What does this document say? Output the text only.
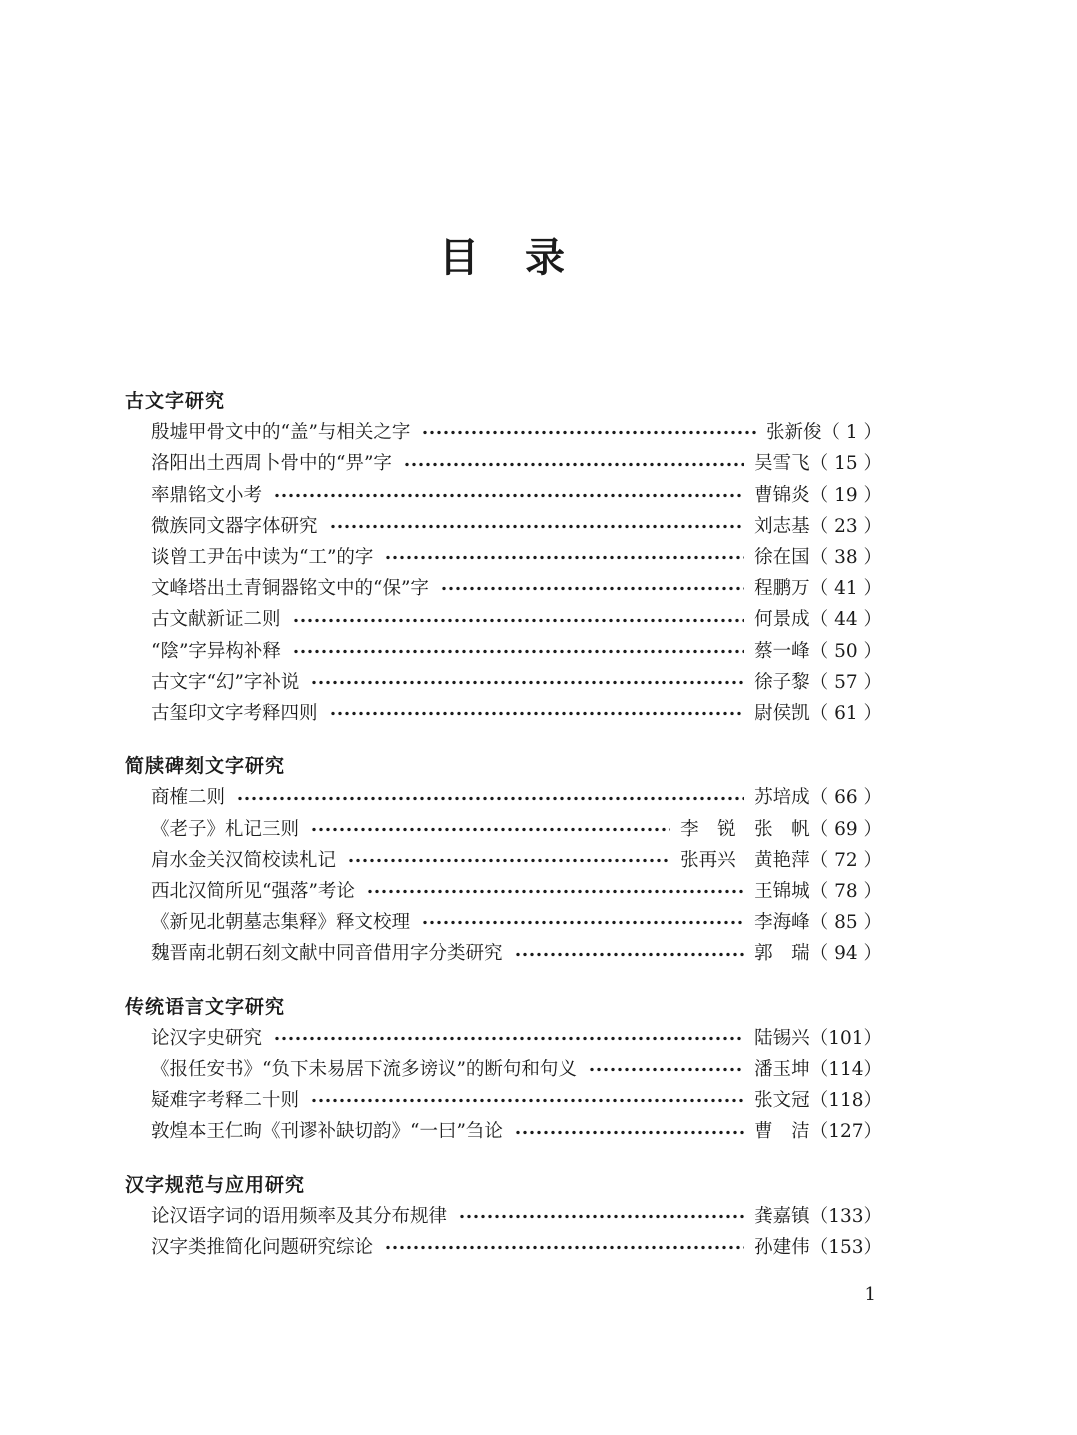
目　录
古文字研究
殷墟甲骨文中的“盖”与相关之字	张新俊 （ 1 ）
洛阳出土西周卜骨中的“畀”字	吴雪飞 （ 15 ）
率鼎铭文小考	曹锦炎 （ 19 ）
微族同文器字体研究	刘志基 （ 23 ）
谈曾工尹缶中读为“工”的字	徐在国 （ 38 ）
文峰塔出土青铜器铭文中的“保”字	程鹏万 （ 41 ）
古文献新证二则	何景成 （ 44 ）
“陰”字异构补释	蔡一峰 （ 50 ）
古文字“幻”字补说	徐子黎 （ 57 ）
古玺印文字考释四则	尉侯凯 （ 61 ）
简牍碑刻文字研究
商榷二则	苏培成 （ 66 ）
《老子》札记三则	李　锐　张　帆 （ 69 ）
肩水金关汉简校读札记	张再兴　黄艳萍 （ 72 ）
西北汉简所见“强落”考论	王锦城 （ 78 ）
《新见北朝墓志集释》释文校理	李海峰 （ 85 ）
魏晋南北朝石刻文献中同音借用字分类研究	郭　瑞 （ 94 ）
传统语言文字研究
论汉字史研究	陆锡兴 （101）
《报任安书》“负下未易居下流多谤议”的断句和句义	潘玉坤 （114）
疑难字考释二十则	张文冠 （118）
敦煌本王仁昫《刊谬补缺切韵》“一曰”刍论	曹　洁 （127）
汉字规范与应用研究
论汉语字词的语用频率及其分布规律	龚嘉镇 （133）
汉字类推简化问题研究综论	孙建伟 （153）
1
